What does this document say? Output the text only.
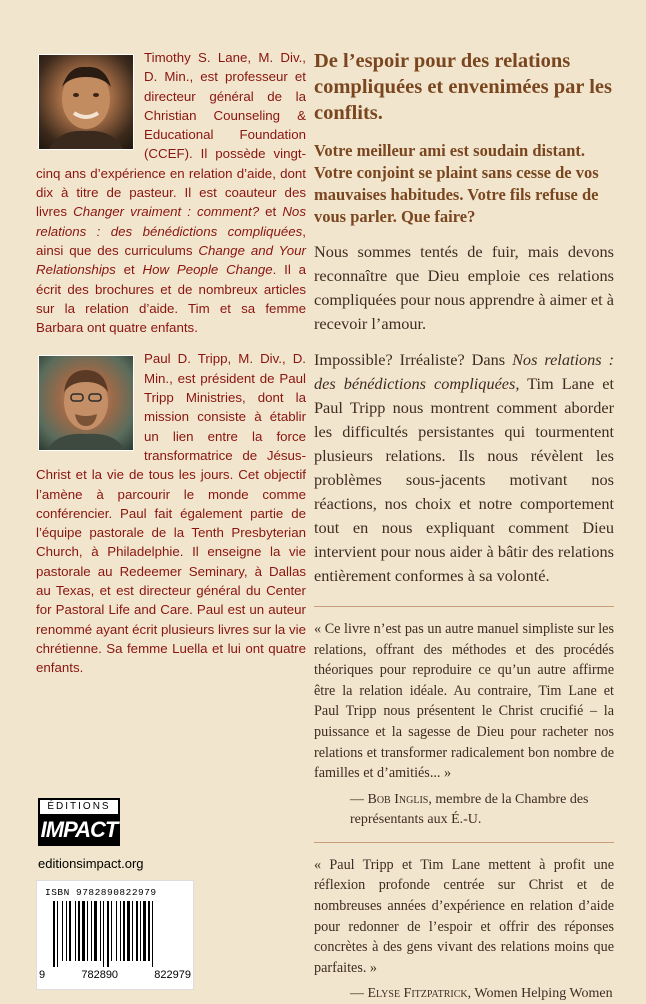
Timothy S. Lane, M. Div., D. Min., est professeur et directeur général de la Christian Counseling & Educational Foundation (CCEF). Il possède vingt-cinq ans d’expérience en relation d’aide, dont dix à titre de pasteur. Il est coauteur des livres Changer vraiment : comment? et Nos relations : des bénédictions compliquées, ainsi que des curriculums Change and Your Relationships et How People Change. Il a écrit des brochures et de nombreux articles sur la relation d’aide. Tim et sa femme Barbara ont quatre enfants.
Paul D. Tripp, M. Div., D. Min., est président de Paul Tripp Ministries, dont la mission consiste à établir un lien entre la force transformatrice de Jésus-Christ et la vie de tous les jours. Cet objectif l’amène à parcourir le monde comme conférencier. Paul fait également partie de l’équipe pastorale de la Tenth Presbyterian Church, à Philadelphie. Il enseigne la vie pastorale au Redeemer Seminary, à Dallas au Texas, et est directeur général du Center for Pastoral Life and Care. Paul est un auteur renommé ayant écrit plusieurs livres sur la vie chrétienne. Sa femme Luella et lui ont quatre enfants.
ÉDITIONS
IMPACT
editionsimpact.org
ISBN 9782890822979
9	782890	822979
De l’espoir pour des relations compliquées et envenimées par les conflits.

Votre meilleur ami est soudain distant. Votre conjoint se plaint sans cesse de vos mauvaises habitudes. Votre fils refuse de vous parler. Que faire?

Nous sommes tentés de fuir, mais devons reconnaître que Dieu emploie ces relations compliquées pour nous apprendre à aimer et à recevoir l’amour.

Impossible? Irréaliste? Dans Nos relations : des bénédictions compliquées, Tim Lane et Paul Tripp nous montrent comment aborder les difficultés persistantes qui tourmentent plusieurs relations. Ils nous révèlent les problèmes sous-jacents motivant nos réactions, nos choix et notre comportement tout en nous expliquant comment Dieu intervient pour nous aider à bâtir des relations entièrement conformes à sa volonté.

« Ce livre n’est pas un autre manuel simpliste sur les relations, offrant des méthodes et des procédés théoriques pour reproduire ce qu’un autre affirme être la relation idéale. Au contraire, Tim Lane et Paul Tripp nous présentent le Christ crucifié – la puissance et la sagesse de Dieu pour racheter nos relations et transformer radicalement bon nombre de familles et d’amitiés... »

— Bob Inglis, membre de la Chambre des représentants aux É.-U.

« Paul Tripp et Tim Lane mettent à profit une réflexion profonde centrée sur Christ et de nombreuses années d’expérience en relation d’aide pour redonner de l’espoir et offrir des réponses concrètes à des gens vivant des relations moins que parfaites. »

— Elyse Fitzpatrick, Women Helping Women
